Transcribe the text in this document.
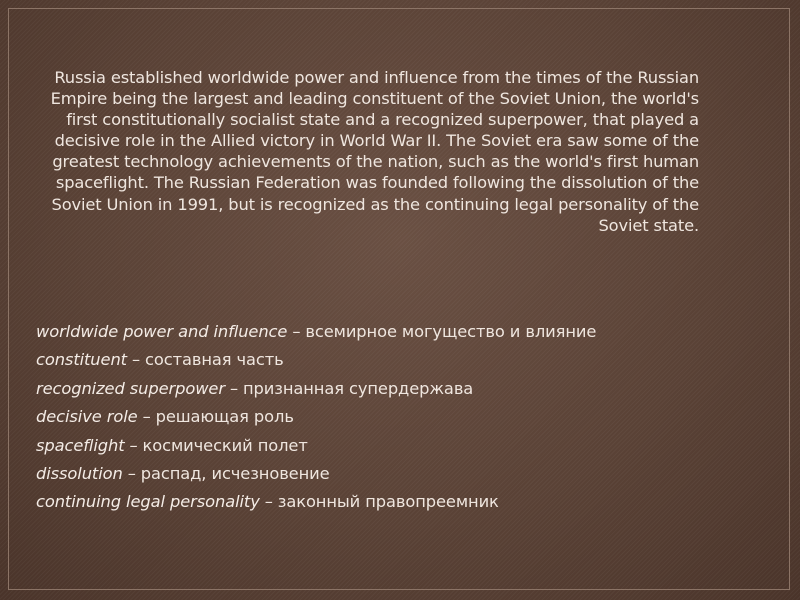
Russia established worldwide power and influence from the times of the Russian Empire being the largest and leading constituent of the Soviet Union, the world's first constitutionally socialist state and a recognized superpower, that played a decisive role in the Allied victory in World War II. The Soviet era saw some of the greatest technology achievements of the nation, such as the world's first human spaceflight. The Russian Federation was founded following the dissolution of the Soviet Union in 1991, but is recognized as the continuing legal personality of the Soviet state.
worldwide power and influence – всемирное могущество и влияние
constituent – составная часть
recognized superpower – признанная супердержава
decisive role – решающая роль
spaceflight – космический полет
dissolution – распад, исчезновение
continuing legal personality – законный правопреемник
